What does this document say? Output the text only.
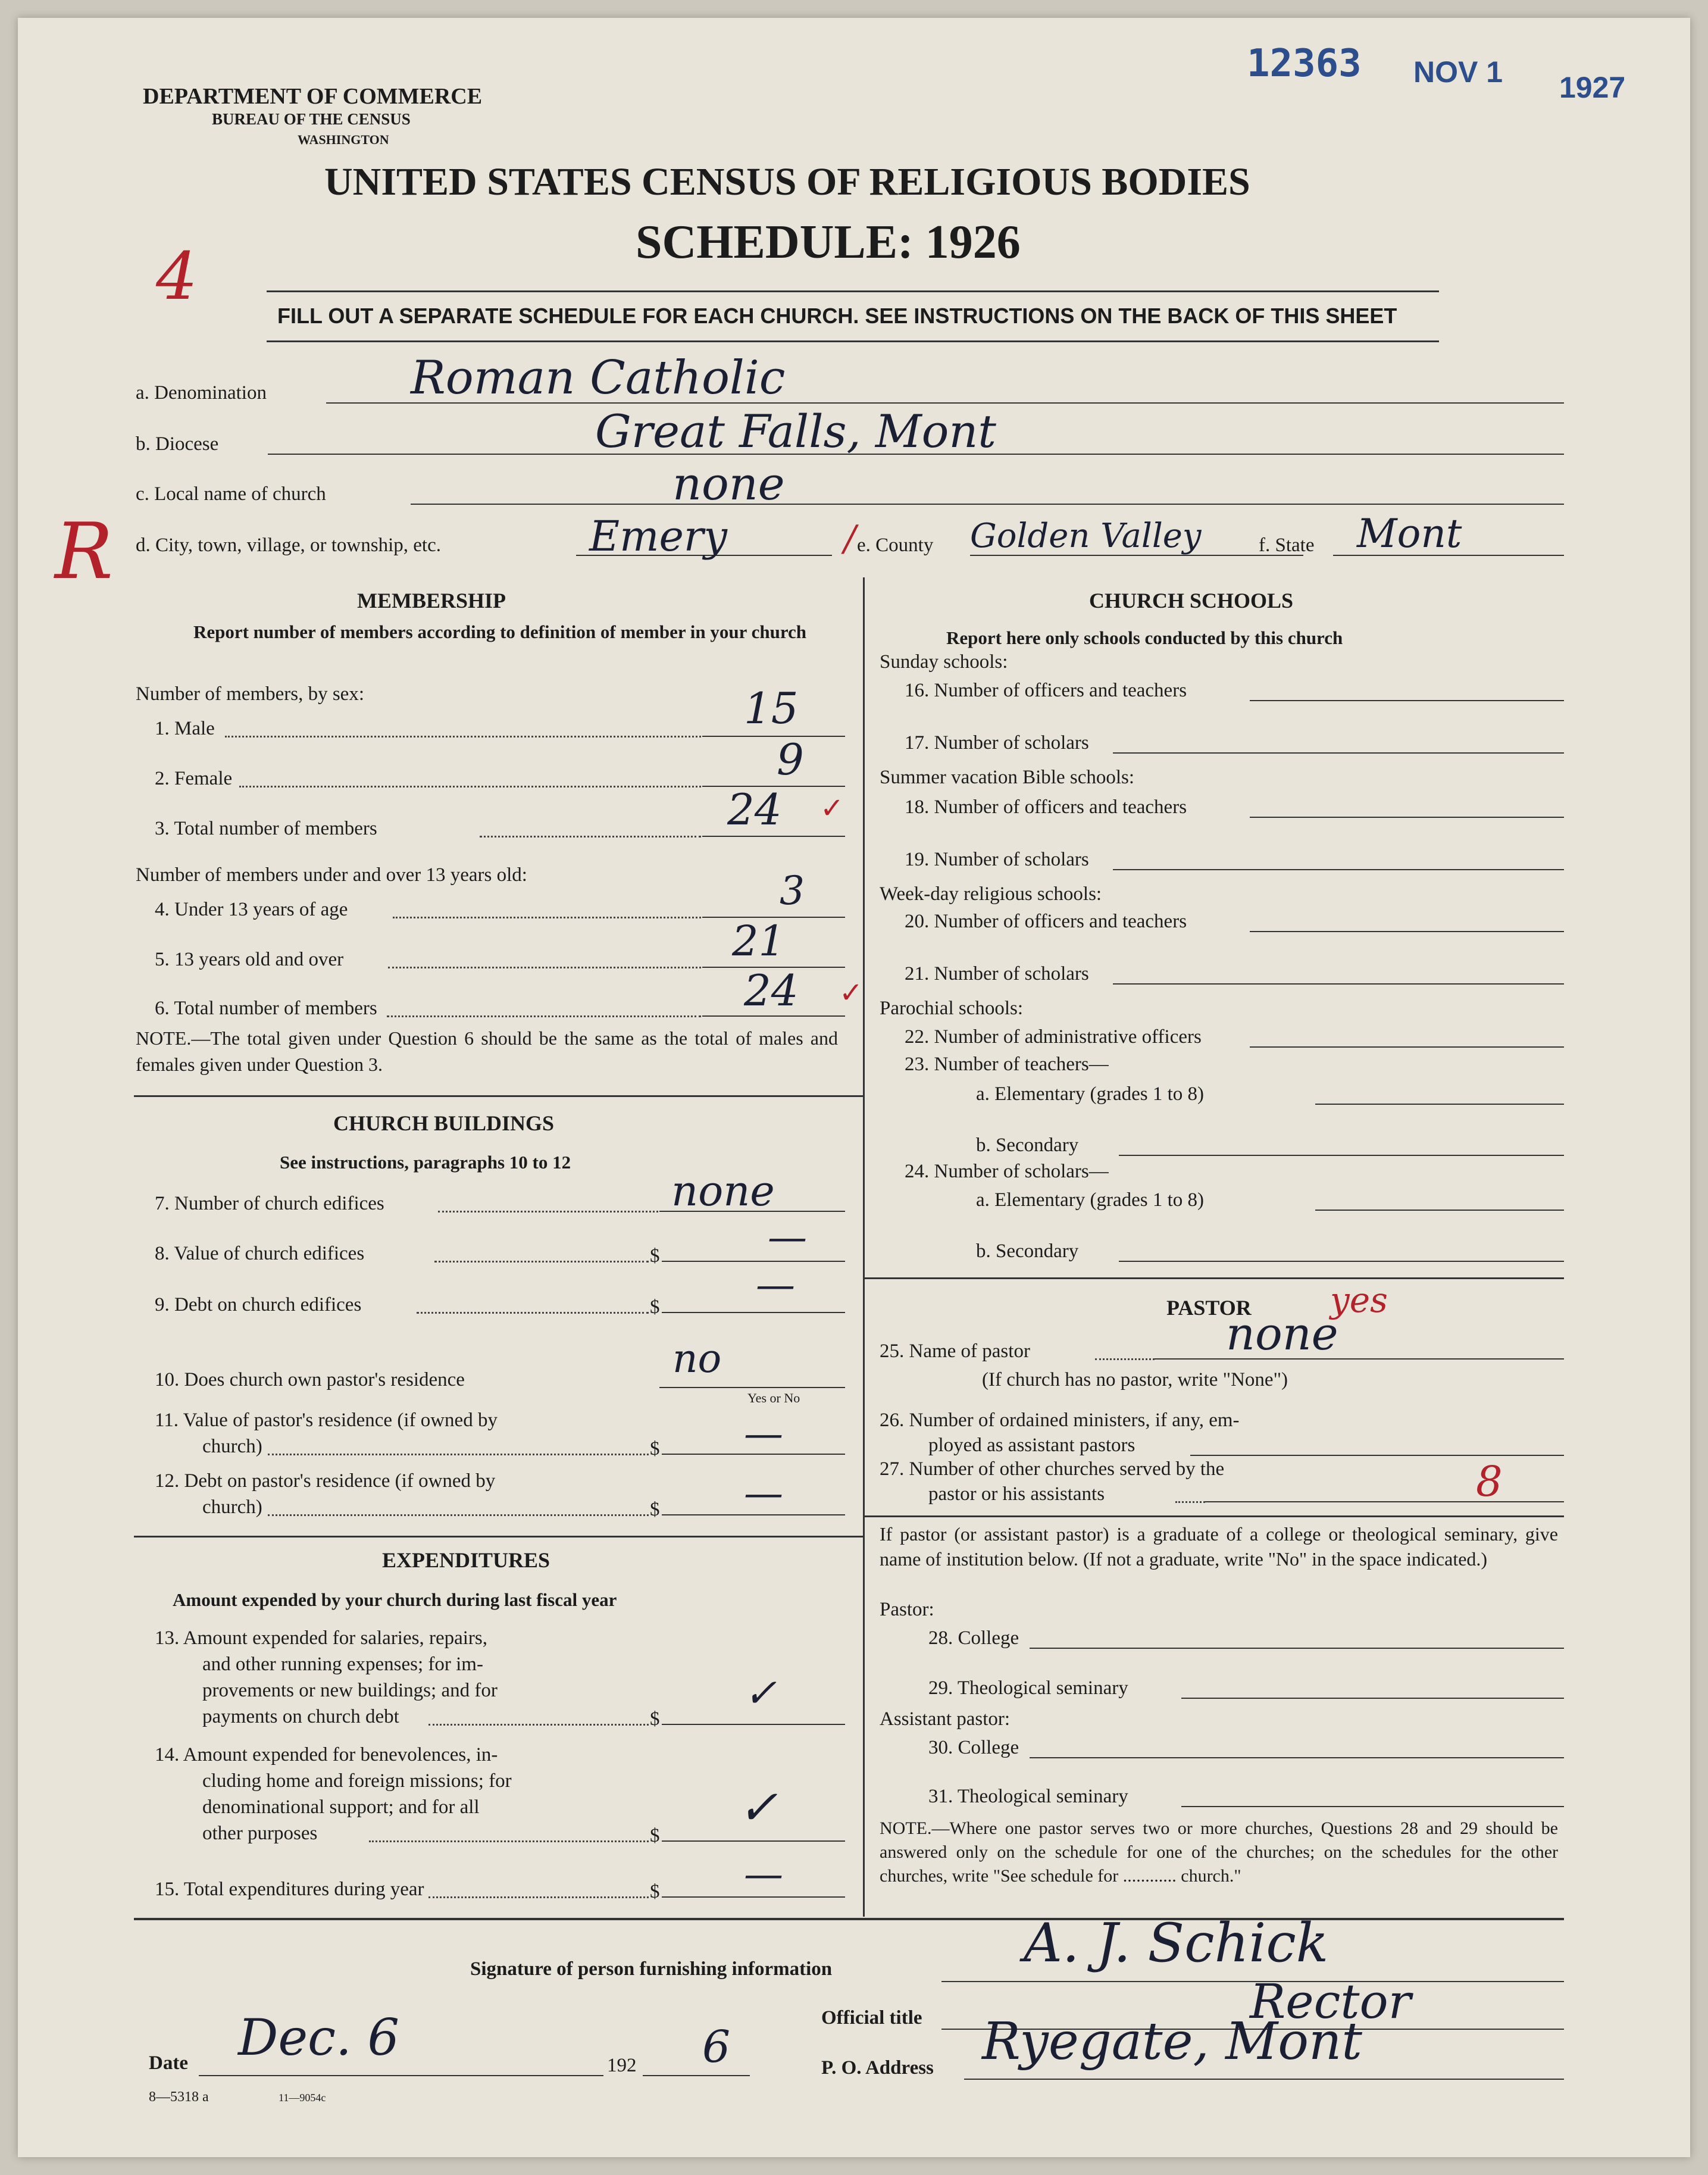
12363 NOV 1 1927
DEPARTMENT OF COMMERCE
BUREAU OF THE CENSUS
WASHINGTON
UNITED STATES CENSUS OF RELIGIOUS BODIES
SCHEDULE: 1926
4
FILL OUT A SEPARATE SCHEDULE FOR EACH CHURCH. SEE INSTRUCTIONS ON THE BACK OF THIS SHEET
a. Denomination	Roman Catholic
b. Diocese	Great Falls, Mont
c. Local name of church	none
R d. City, town, village, or township, etc.	Emery	/ e. County Golden Valley	f. State Mont
MEMBERSHIP
Report number of members according to definition of member in your church
Number of members, by sex:
1. Male	15
2. Female	9
3. Total number of members	24 ✓
Number of members under and over 13 years old:
4. Under 13 years of age	3
5. 13 years old and over	21
6. Total number of members	24 ✓
NOTE.—The total given under Question 6 should be the same as the total of males and females given under Question 3.
CHURCH BUILDINGS
See instructions, paragraphs 10 to 12
7. Number of church edifices	none
8. Value of church edifices	$	—
9. Debt on church edifices	$ —
10. Does church own pastor's residence	no
Yes or No
11. Value of pastor's residence (if owned by
church)	$ —
12. Debt on pastor's residence (if owned by
church)	$ —
EXPENDITURES
Amount expended by your church during last fiscal year
13. Amount expended for salaries, repairs,
and other running expenses; for im-
provements or new buildings; and for
payments on church debt	$
✓
14. Amount expended for benevolences, in-
cluding home and foreign missions; for
denominational support; and for all
other purposes	$
✓
15. Total expenditures during year	$ —
CHURCH SCHOOLS
Report here only schools conducted by this church
Sunday schools:
16. Number of officers and teachers
17. Number of scholars
Summer vacation Bible schools:
18. Number of officers and teachers
19. Number of scholars
Week-day religious schools:
20. Number of officers and teachers
21. Number of scholars
Parochial schools:
22. Number of administrative officers
23. Number of teachers—
a. Elementary (grades 1 to 8)
b. Secondary
24. Number of scholars—
a. Elementary (grades 1 to 8)
b. Secondary
PASTOR yes
25. Name of pastor	none
(If church has no pastor, write "None")
26. Number of ordained ministers, if any, em-
ployed as assistant pastors
27. Number of other churches served by the
pastor or his assistants	8
If pastor (or assistant pastor) is a graduate of a college or theological seminary, give name of institution below. (If not a graduate, write "No" in the space indicated.)
Pastor:
28. College
29. Theological seminary
Assistant pastor:
30. College
31. Theological seminary
NOTE.—Where one pastor serves two or more churches, Questions 28 and 29 should be answered only on the schedule for one of the churches; on the schedules for the other churches, write "See schedule for ............ church."
Signature of person furnishing information	A. J. Schick
Official title	Rector
Date Dec. 6	192 6	P. O. Address Ryegate, Mont
8—5318 a	11—9054c
